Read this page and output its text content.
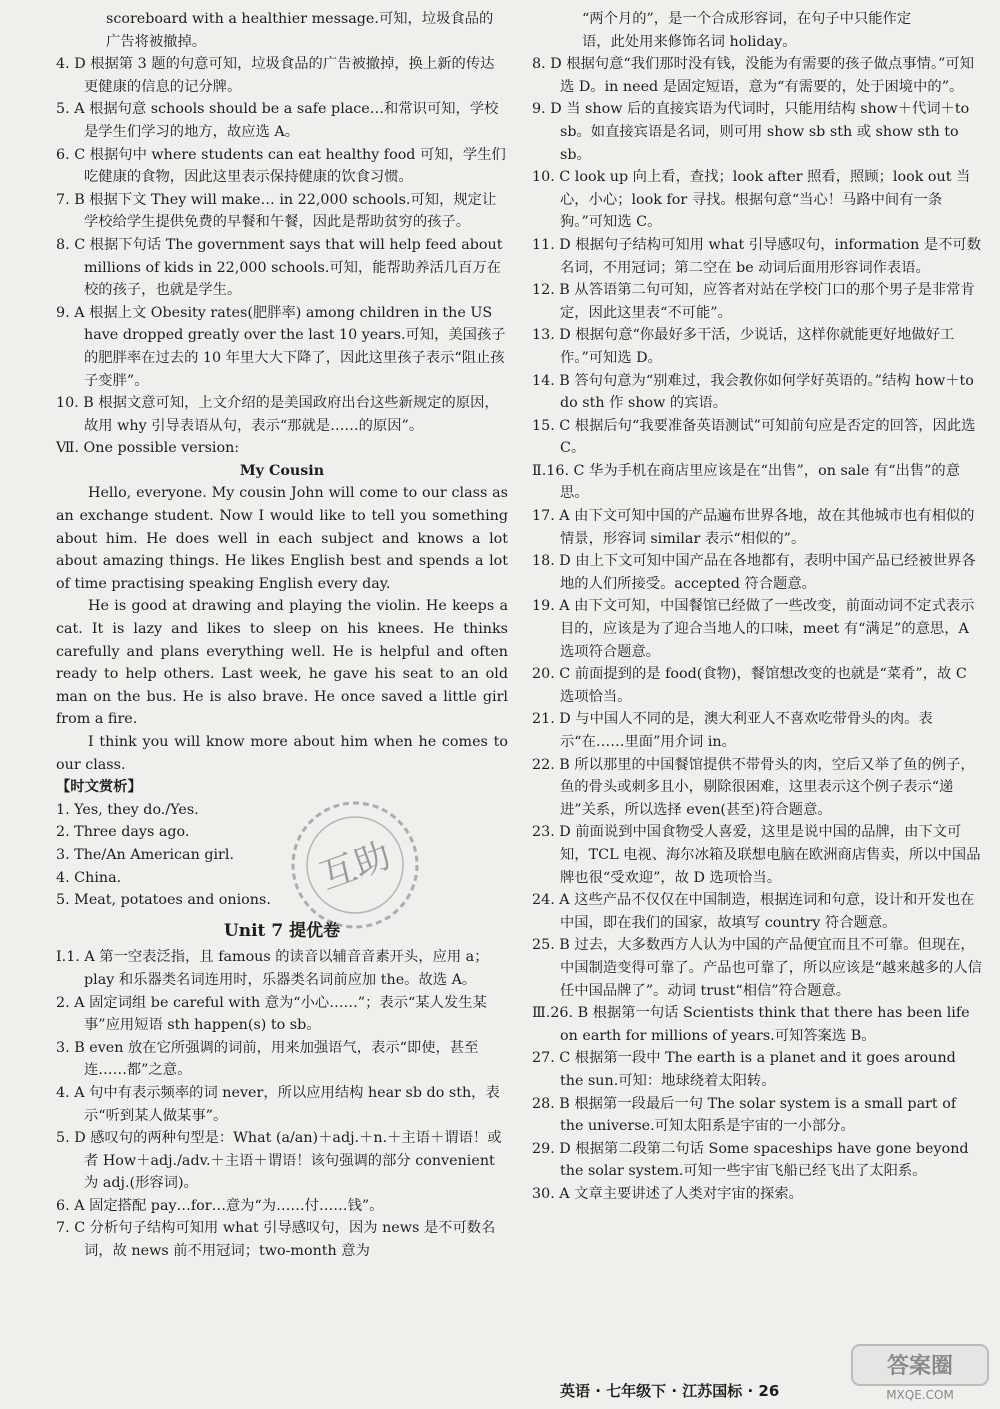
scoreboard with a healthier message.可知，垃圾食品的

广告将被撤掉。

4. D 根据第 3 题的句意可知，垃圾食品的广告被撤掉，换上新的传达更健康的信息的记分牌。

5. A 根据句意 schools should be a safe place…和常识可知，学校是学生们学习的地方，故应选 A。

6. C 根据句中 where students can eat healthy food 可知，学生们吃健康的食物，因此这里表示保持健康的饮食习惯。

7. B 根据下文 They will make… in 22,000 schools.可知，规定让学校给学生提供免费的早餐和午餐，因此是帮助贫穷的孩子。

8. C 根据下句话 The government says that will help feed about millions of kids in 22,000 schools.可知，能帮助养活几百万在校的孩子，也就是学生。

9. A 根据上文 Obesity rates(肥胖率) among children in the US have dropped greatly over the last 10 years.可知，美国孩子的肥胖率在过去的 10 年里大大下降了，因此这里孩子表示“阻止孩子变胖”。

10. B 根据文意可知，上文介绍的是美国政府出台这些新规定的原因，故用 why 引导表语从句，表示“那就是……的原因”。

Ⅶ. One possible version:

My Cousin

Hello, everyone. My cousin John will come to our class as an exchange student. Now I would like to tell you something about him. He does well in each subject and knows a lot about amazing things. He likes English best and spends a lot of time practising speaking English every day.

He is good at drawing and playing the violin. He keeps a cat. It is lazy and likes to sleep on his knees. He thinks carefully and plans everything well. He is helpful and often ready to help others. Last week, he gave his seat to an old man on the bus. He is also brave. He once saved a little girl from a fire.

I think you will know more about him when he comes to our class.

【时文赏析】

1. Yes, they do./Yes.

2. Three days ago.

3. The/An American girl.

4. China.

5. Meat, potatoes and onions.

Unit 7 提优卷

Ⅰ.1. A 第一空表泛指，且 famous 的读音以辅音音素开头，应用 a；play 和乐器类名词连用时，乐器类名词前应加 the。故选 A。

2. A 固定词组 be careful with 意为“小心……”；表示“某人发生某事”应用短语 sth happen(s) to sb。

3. B even 放在它所强调的词前，用来加强语气，表示“即使，甚至连……都”之意。

4. A 句中有表示频率的词 never，所以应用结构 hear sb do sth，表示“听到某人做某事”。

5. D 感叹句的两种句型是：What (a/an)＋adj.＋n.＋主语＋谓语！或者 How＋adj./adv.＋主语＋谓语！该句强调的部分 convenient 为 adj.(形容词)。

6. A 固定搭配 pay…for…意为“为……付……钱”。

7. C 分析句子结构可知用 what 引导感叹句，因为 news 是不可数名词，故 news 前不用冠词；two-month 意为

“两个月的”，是一个合成形容词，在句子中只能作定

语，此处用来修饰名词 holiday。

8. D 根据句意“我们那时没有钱，没能为有需要的孩子做点事情。”可知选 D。in need 是固定短语，意为“有需要的，处于困境中的”。

9. D 当 show 后的直接宾语为代词时，只能用结构 show＋代词＋to sb。如直接宾语是名词，则可用 show sb sth 或 show sth to sb。

10. C look up 向上看，查找；look after 照看，照顾；look out 当心，小心；look for 寻找。根据句意“当心！马路中间有一条狗。”可知选 C。

11. D 根据句子结构可知用 what 引导感叹句，information 是不可数名词，不用冠词；第二空在 be 动词后面用形容词作表语。

12. B 从答语第二句可知，应答者对站在学校门口的那个男子是非常肯定，因此这里表“不可能”。

13. D 根据句意“你最好多干活，少说话，这样你就能更好地做好工作。”可知选 D。

14. B 答句句意为“别难过，我会教你如何学好英语的。”结构 how＋to do sth 作 show 的宾语。

15. C 根据后句“我要准备英语测试”可知前句应是否定的回答，因此选 C。

Ⅱ.16. C 华为手机在商店里应该是在“出售”，on sale 有“出售”的意思。

17. A 由下文可知中国的产品遍布世界各地，故在其他城市也有相似的情景，形容词 similar 表示“相似的”。

18. D 由上下文可知中国产品在各地都有，表明中国产品已经被世界各地的人们所接受。accepted 符合题意。

19. A 由下文可知，中国餐馆已经做了一些改变，前面动词不定式表示目的，应该是为了迎合当地人的口味，meet 有“满足”的意思，A 选项符合题意。

20. C 前面提到的是 food(食物)，餐馆想改变的也就是“菜肴”，故 C 选项恰当。

21. D 与中国人不同的是，澳大利亚人不喜欢吃带骨头的肉。表示“在……里面”用介词 in。

22. B 所以那里的中国餐馆提供不带骨头的肉，空后又举了鱼的例子，鱼的骨头或刺多且小，剔除很困难，这里表示这个例子表示“递进”关系，所以选择 even(甚至)符合题意。

23. D 前面说到中国食物受人喜爱，这里是说中国的品牌，由下文可知，TCL 电视、海尔冰箱及联想电脑在欧洲商店售卖，所以中国品牌也很“受欢迎”，故 D 选项恰当。

24. A 这些产品不仅仅在中国制造，根据连词和句意，设计和开发也在中国，即在我们的国家，故填写 country 符合题意。

25. B 过去，大多数西方人认为中国的产品便宜而且不可靠。但现在，中国制造变得可靠了。产品也可靠了，所以应该是“越来越多的人信任中国品牌了”。动词 trust“相信”符合题意。

Ⅲ.26. B 根据第一句话 Scientists think that there has been life on earth for millions of years.可知答案选 B。

27. C 根据第一段中 The earth is a planet and it goes around the sun.可知：地球绕着太阳转。

28. B 根据第一段最后一句 The solar system is a small part of the universe.可知太阳系是宇宙的一小部分。

29. D 根据第二段第二句话 Some spaceships have gone beyond the solar system.可知一些宇宙飞船已经飞出了太阳系。

30. A 文章主要讲述了人类对宇宙的探索。

互助
英语 · 七年级下 · 江苏国标 · 26
答案圈
MXQE.COM
